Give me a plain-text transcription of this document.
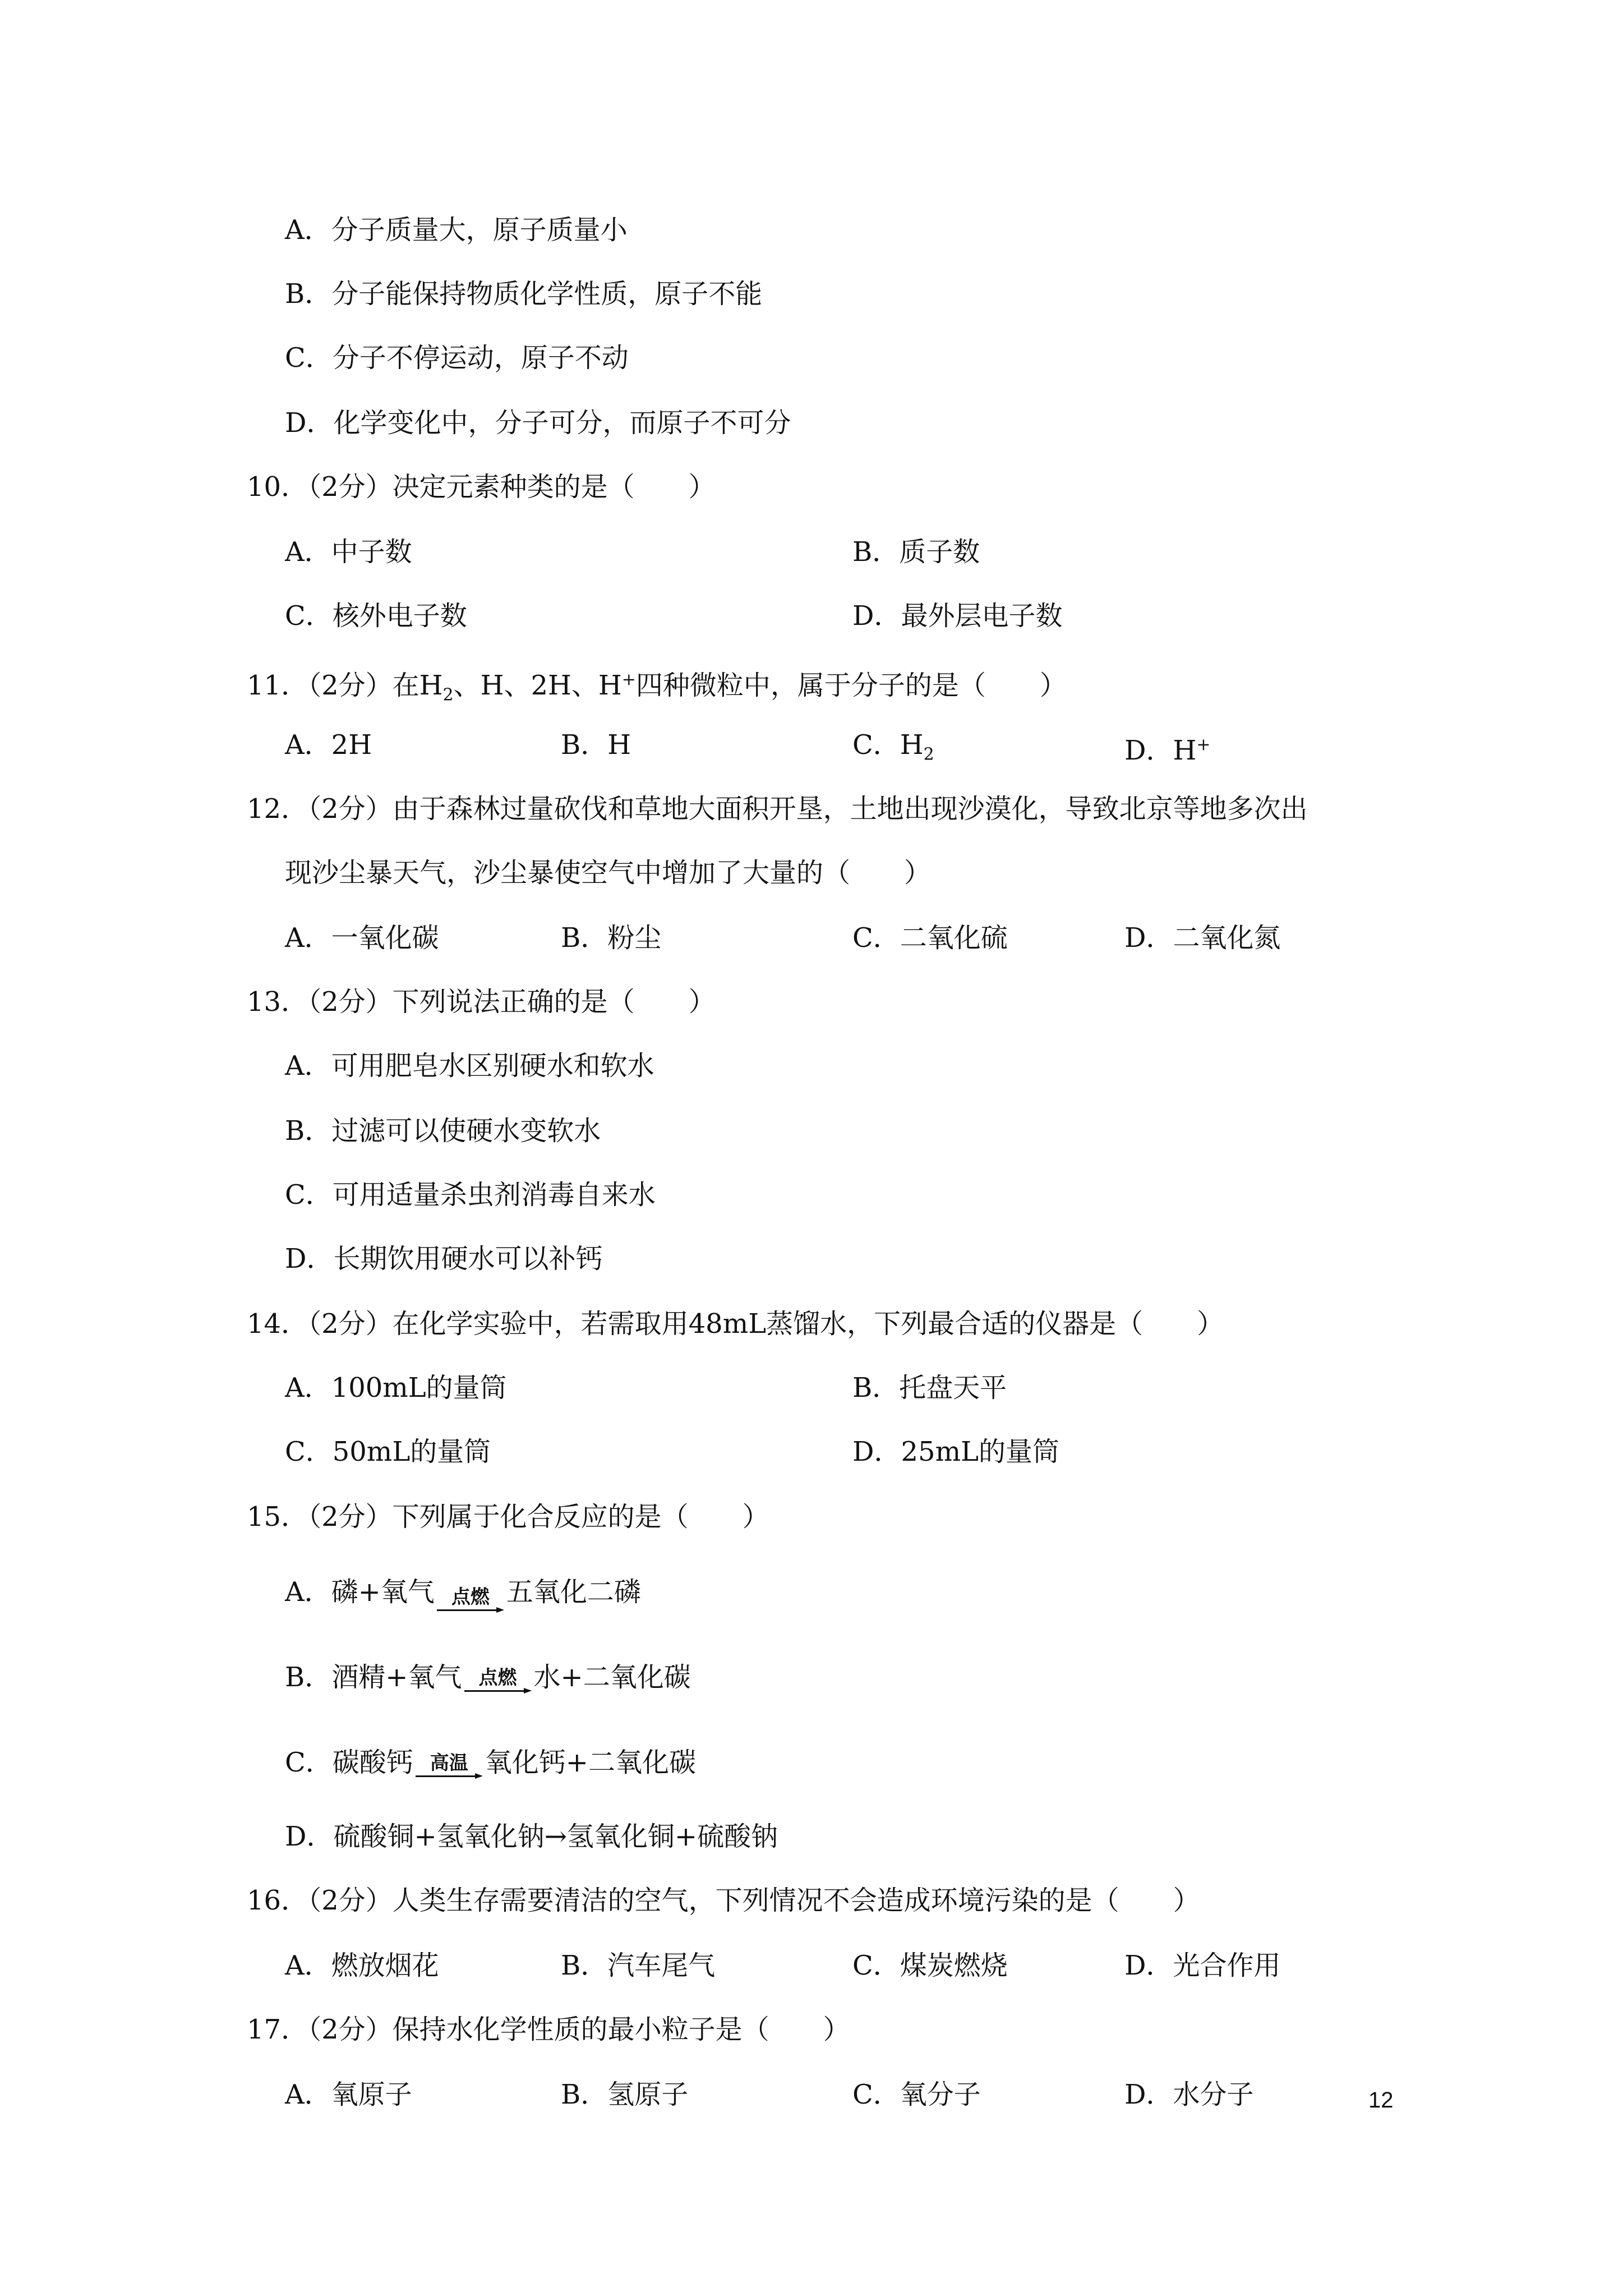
A．分子质量大，原子质量小
B．分子能保持物质化学性质，原子不能
C．分子不停运动，原子不动
D．化学变化中，分子可分，而原子不可分
10．（2分）决定元素种类的是（　　）
A．中子数	B．质子数
C．核外电子数	D．最外层电子数
11．（2分）在$H_2$、H、2H、H+四种微粒中，属于分子的是（　　）
A．2H	B．H	C．$H_2$	D．H+
12．（2分）由于森林过量砍伐和草地大面积开垦，土地出现沙漠化，导致北京等地多次出
现沙尘暴天气，沙尘暴使空气中增加了大量的（　　）
A．一氧化碳	B．粉尘	C．二氧化硫	D．二氧化氮
13．（2分）下列说法正确的是（　　）
A．可用肥皂水区别硬水和软水
B．过滤可以使硬水变软水
C．可用适量杀虫剂消毒自来水
D．长期饮用硬水可以补钙
14．（2分）在化学实验中，若需取用48mL蒸馏水，下列最合适的仪器是（　　）
A．100mL的量筒	B．托盘天平
C．50mL的量筒	D．25mL的量筒
15．（2分）下列属于化合反应的是（　　）
A．磷+氧气 点燃 五氧化二磷
B．酒精+氧气 点燃 水+二氧化碳
C．碳酸钙 高温 氧化钙+二氧化碳
D．硫酸铜+氢氧化钠→氢氧化铜+硫酸钠
16．（2分）人类生存需要清洁的空气，下列情况不会造成环境污染的是（　　）
A．燃放烟花	B．汽车尾气	C．煤炭燃烧	D．光合作用
17．（2分）保持水化学性质的最小粒子是（　　）
A．氧原子	B．氢原子	C．氧分子	D．水分子	12
